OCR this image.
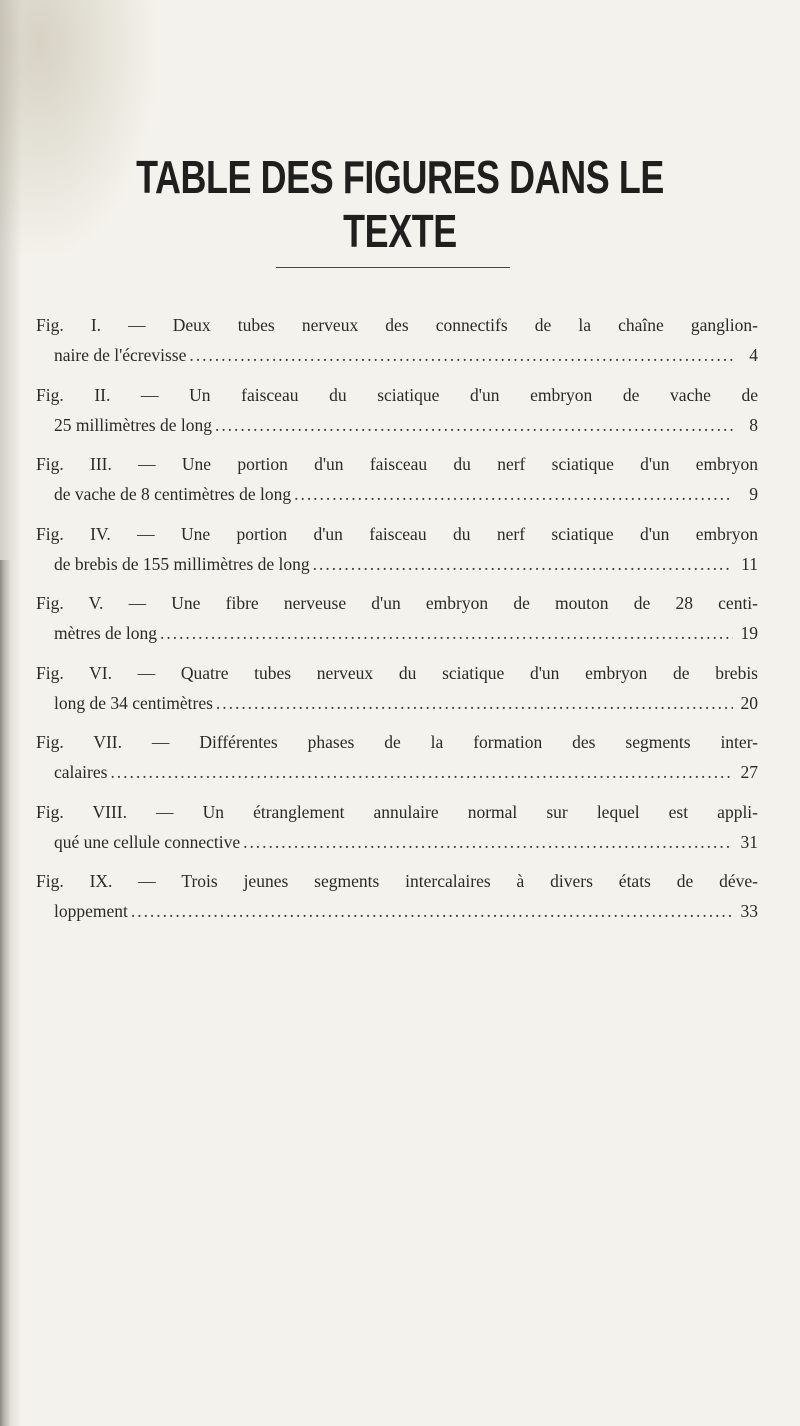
TABLE DES FIGURES DANS LE TEXTE
Fig. I. — Deux tubes nerveux des connectifs de la chaîne ganglion-
naire de l'écrevisse . . .	4
Fig. II. — Un faisceau du sciatique d'un embryon de vache de
25 millimètres de long . . .	8
Fig. III. — Une portion d'un faisceau du nerf sciatique d'un embryon
de vache de 8 centimètres de long . . .	9
Fig. IV. — Une portion d'un faisceau du nerf sciatique d'un embryon
de brebis de 155 millimètres de long . . .	11
Fig. V. — Une fibre nerveuse d'un embryon de mouton de 28 centi-
mètres de long . . .	19
Fig. VI. — Quatre tubes nerveux du sciatique d'un embryon de brebis
long de 34 centimètres . . .	20
Fig. VII. — Différentes phases de la formation des segments inter-
calaires . . .	27
Fig. VIII. — Un étranglement annulaire normal sur lequel est appli-
qué une cellule connective . . .	31
Fig. IX. — Trois jeunes segments intercalaires à divers états de déve-
loppement . . .	33
